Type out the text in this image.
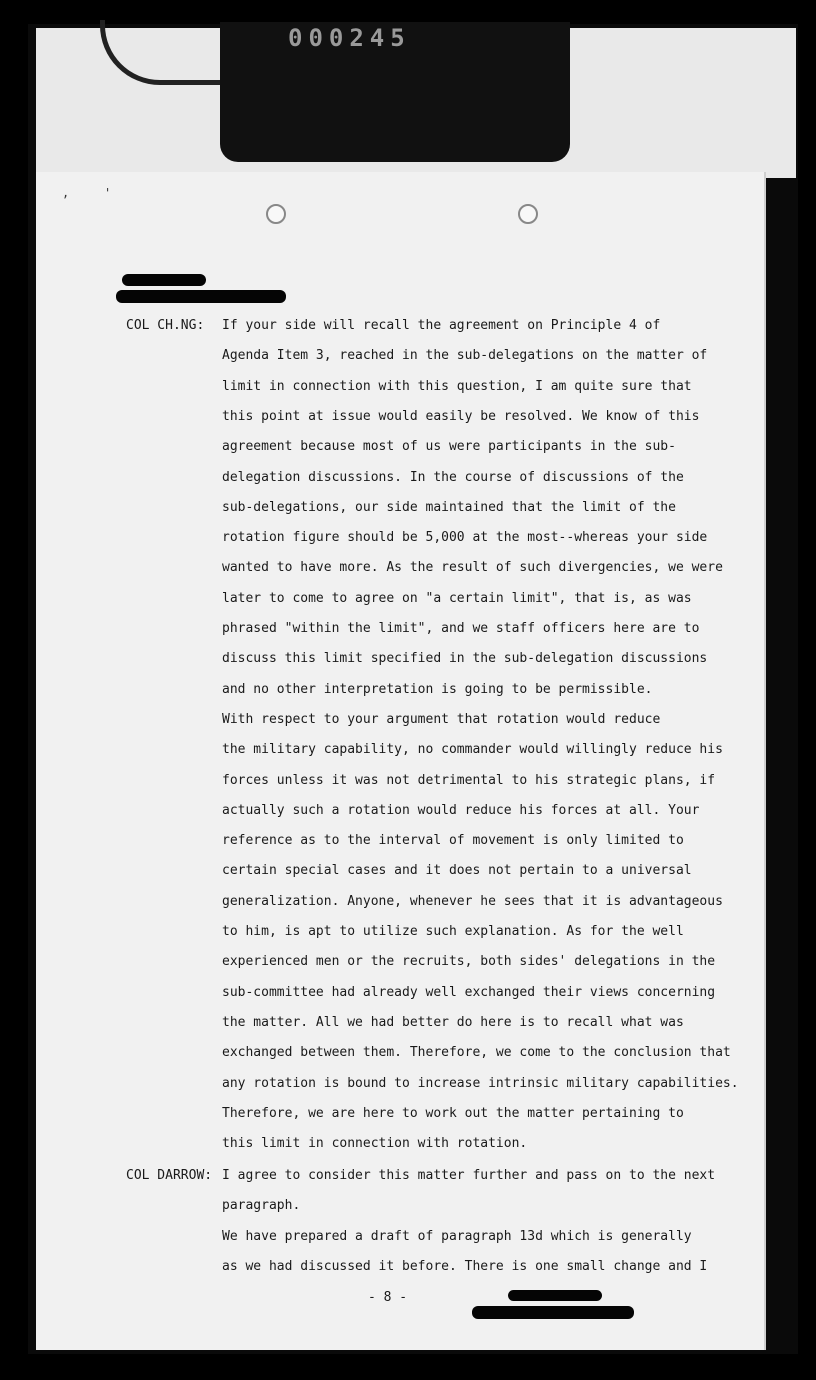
000245
,	'
COL CH.NG: If your side will recall the agreement on Principle 4 of
Agenda Item 3, reached in the sub-delegations on the matter of
limit in connection with this question, I am quite sure that
this point at issue would easily be resolved. We know of this
agreement because most of us were participants in the sub-
delegation discussions. In the course of discussions of the
sub-delegations, our side maintained that the limit of the
rotation figure should be 5,000 at the most--whereas your side
wanted to have more. As the result of such divergencies, we were
later to come to agree on "a certain limit", that is, as was
phrased "within the limit", and we staff officers here are to
discuss this limit specified in the sub-delegation discussions
and no other interpretation is going to be permissible.
With respect to your argument that rotation would reduce
the military capability, no commander would willingly reduce his
forces unless it was not detrimental to his strategic plans, if
actually such a rotation would reduce his forces at all. Your
reference as to the interval of movement is only limited to
certain special cases and it does not pertain to a universal
generalization. Anyone, whenever he sees that it is advantageous
to him, is apt to utilize such explanation. As for the well
experienced men or the recruits, both sides' delegations in the
sub-committee had already well exchanged their views concerning
the matter. All we had better do here is to recall what was
exchanged between them. Therefore, we come to the conclusion that
any rotation is bound to increase intrinsic military capabilities.
Therefore, we are here to work out the matter pertaining to
this limit in connection with rotation.
COL DARROW: I agree to consider this matter further and pass on to the next
paragraph.
We have prepared a draft of paragraph 13d which is generally
as we had discussed it before. There is one small change and I
- 8 -
